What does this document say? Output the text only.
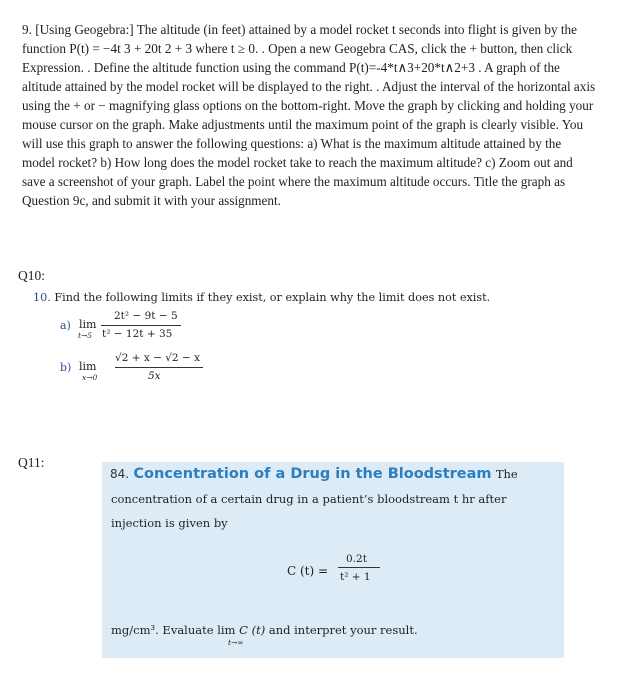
9. [Using Geogebra:] The altitude (in feet) attained by a model rocket t seconds into flight is given by the function P(t) = −4t 3 + 20t 2 + 3 where t ≥ 0. . Open a new Geogebra CAS, click the + button, then click Expression. . Define the altitude function using the command P(t)=-4*t∧3+20*t∧2+3 . A graph of the altitude attained by the model rocket will be displayed to the right. . Adjust the interval of the horizontal axis using the + or − magnifying glass options on the bottom-right. Move the graph by clicking and holding your mouse cursor on the graph. Make adjustments until the maximum point of the graph is clearly visible. You will use this graph to answer the following questions: a) What is the maximum altitude attained by the model rocket? b) How long does the model rocket take to reach the maximum altitude? c) Zoom out and save a screenshot of your graph. Label the point where the maximum altitude occurs. Title the graph as Question 9c, and submit it with your assignment.
Q10:
10. Find the following limits if they exist, or explain why the limit does not exist.
a) lim
t→5
2t² − 9t − 5
t² − 12t + 35
b) lim
x→0
√2 + x − √2 − x
5x
Q11:
84. Concentration of a Drug in the Bloodstream The
concentration of a certain drug in a patient’s bloodstream t hr after
injection is given by
C (t) =
0.2t
t² + 1
mg/cm³. Evaluate lim C (t) and interpret your result.
t→∞
